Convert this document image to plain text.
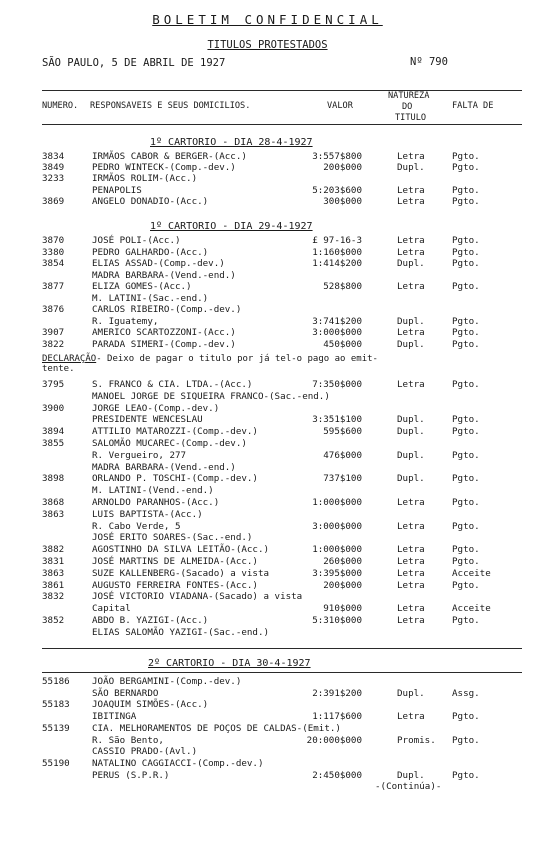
BOLETIM CONFIDENCIAL
TITULOS PROTESTADOS
SÃO PAULO, 5 DE ABRIL DE 1927	Nº 790
NUMERO. RESPONSAVEIS E SEUS DOMICILIOS.	VALOR
NATUREZA
DO
TITULO
FALTA DE
1º CARTORIO - DIA 28-4-1927
3834	IRMÃOS CABOR & BERGER-(Acc.)	3:557$800	Letra	Pgto.
3849	PEDRO WINTECK-(Comp.-dev.)	200$000	Dupl.	Pgto.
3233	IRMÃOS ROLIM-(Acc.)
PENAPOLIS	5:203$600	Letra	Pgto.
3869	ANGELO DONADIO-(Acc.)	300$000	Letra	Pgto.
1º CARTORIO - DIA 29-4-1927
3870	JOSÉ POLI-(Acc.)	£ 97-16-3	Letra	Pgto.
3380	PEDRO GALHARDO-(Acc.)	1:160$000	Letra	Pgto.
3854	ELIAS ASSAD-(Comp.-dev.)	1:414$200	Dupl.	Pgto.
MADRA BARBARA-(Vend.-end.)
3877	ELIZA GOMES-(Acc.)	528$800	Letra	Pgto.
M. LATINI-(Sac.-end.)
3876	CARLOS RIBEIRO-(Comp.-dev.)
R. Iguatemy,	3:741$200	Dupl.	Pgto.
3907	AMERICO SCARTOZZONI-(Acc.)	3:000$000	Letra	Pgto.
3822	PARADA SIMERI-(Comp.-dev.)	450$000	Dupl.	Pgto.
DECLARAÇÃO- Deixo de pagar o titulo por já tel-o pago ao emit-
tente.
3795	S. FRANCO & CIA. LTDA.-(Acc.)	7:350$000	Letra	Pgto.
MANOEL JORGE DE SIQUEIRA FRANCO-(Sac.-end.)
3900	JORGE LEAO-(Comp.-dev.)
PRESIDENTE WENCESLAU	3:351$100	Dupl.	Pgto.
3894	ATTILIO MATAROZZI-(Comp.-dev.)	595$600	Dupl.	Pgto.
3855	SALOMÃO MUCAREC-(Comp.-dev.)
R. Vergueiro, 277	476$000	Dupl.	Pgto.
MADRA BARBARA-(Vend.-end.)
3898	ORLANDO P. TOSCHI-(Comp.-dev.)	737$100	Dupl.	Pgto.
M. LATINI-(Vend.-end.)
3868	ARNOLDO PARANHOS-(Acc.)	1:000$000	Letra	Pgto.
3863	LUIS BAPTISTA-(Acc.)
R. Cabo Verde, 5	3:000$000	Letra	Pgto.
JOSÉ ERITO SOARES-(Sac.-end.)
3882	AGOSTINHO DA SILVA LEITÃO-(Acc.)	1:000$000	Letra	Pgto.
3831	JOSÉ MARTINS DE ALMEIDA-(Acc.)	260$000	Letra	Pgto.
3863	SUZE KALLENBERG-(Sacado) a vista	3:395$000	Letra	Acceite
3861	AUGUSTO FERREIRA FONTES-(Acc.)	200$000	Letra	Pgto.
3832	JOSÉ VICTORIO VIADANA-(Sacado) a vista
Capital	910$000	Letra	Acceite
3852	ABDO B. YAZIGI-(Acc.)	5:310$000	Letra	Pgto.
ELIAS SALOMÃO YAZIGI-(Sac.-end.)
2º CARTORIO - DIA 30-4-1927
55186 JOÃO BERGAMINI-(Comp.-dev.)
SÃO BERNARDO	2:391$200	Dupl.	Assg.
55183 JOAQUIM SIMÕES-(Acc.)
IBITINGA	1:117$600	Letra	Pgto.
55139 CIA. MELHORAMENTOS DE POÇOS DE CALDAS-(Emit.)
R. São Bento,	20:000$000	Promis. Pgto.
CASSIO PRADO-(Avl.)
55190 NATALINO CAGGIACCI-(Comp.-dev.)
PERUS (S.P.R.)	2:450$000	Dupl.	Pgto.
-(Continúa)-
